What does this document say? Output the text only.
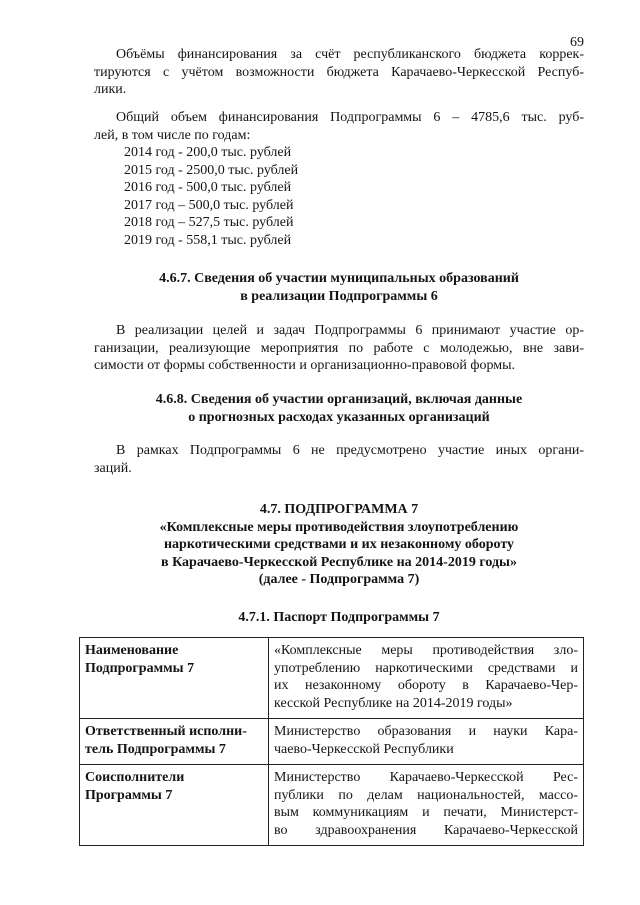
69
Объёмы финансирования за счёт республиканского бюджета коррек-
тируются с учётом возможности бюджета Карачаево-Черкесской Респуб-
лики.
Общий объем финансирования Подпрограммы 6 – 4785,6 тыс. руб-
лей, в том числе по годам:
2014 год - 200,0 тыс. рублей
2015 год - 2500,0 тыс. рублей
2016 год - 500,0 тыс. рублей
2017 год – 500,0 тыс. рублей
2018 год – 527,5 тыс. рублей
2019 год - 558,1 тыс. рублей
4.6.7. Сведения об участии муниципальных образований
в реализации Подпрограммы 6
В реализации целей и задач Подпрограммы 6 принимают участие ор-
ганизации, реализующие мероприятия по работе с молодежью, вне зави-
симости от формы собственности и организационно-правовой формы.
4.6.8. Сведения об участии организаций, включая данные
о прогнозных расходах указанных организаций
В рамках Подпрограммы 6 не предусмотрено участие иных органи-
заций.
4.7. ПОДПРОГРАММА 7
«Комплексные меры противодействия злоупотреблению
наркотическими средствами и их незаконному обороту
в Карачаево-Черкесской Республике на 2014-2019 годы»
(далее - Подпрограмма 7)
4.7.1. Паспорт Подпрограммы 7
Наименование
Подпрограммы 7	«Комплексные меры противодействия зло-
употреблению наркотическими средствами и
их незаконному обороту в Карачаево-Чер-
кесской Республике на 2014-2019 годы»

Ответственный исполни-
тель Подпрограммы 7	Министерство образования и науки Кара-
чаево-Черкесской Республики

Соисполнители
Программы 7	Министерство Карачаево-Черкесской Рес-
публики по делам национальностей, массо-
вым коммуникациям и печати, Министерст-
во здравоохранения Карачаево-Черкесской
